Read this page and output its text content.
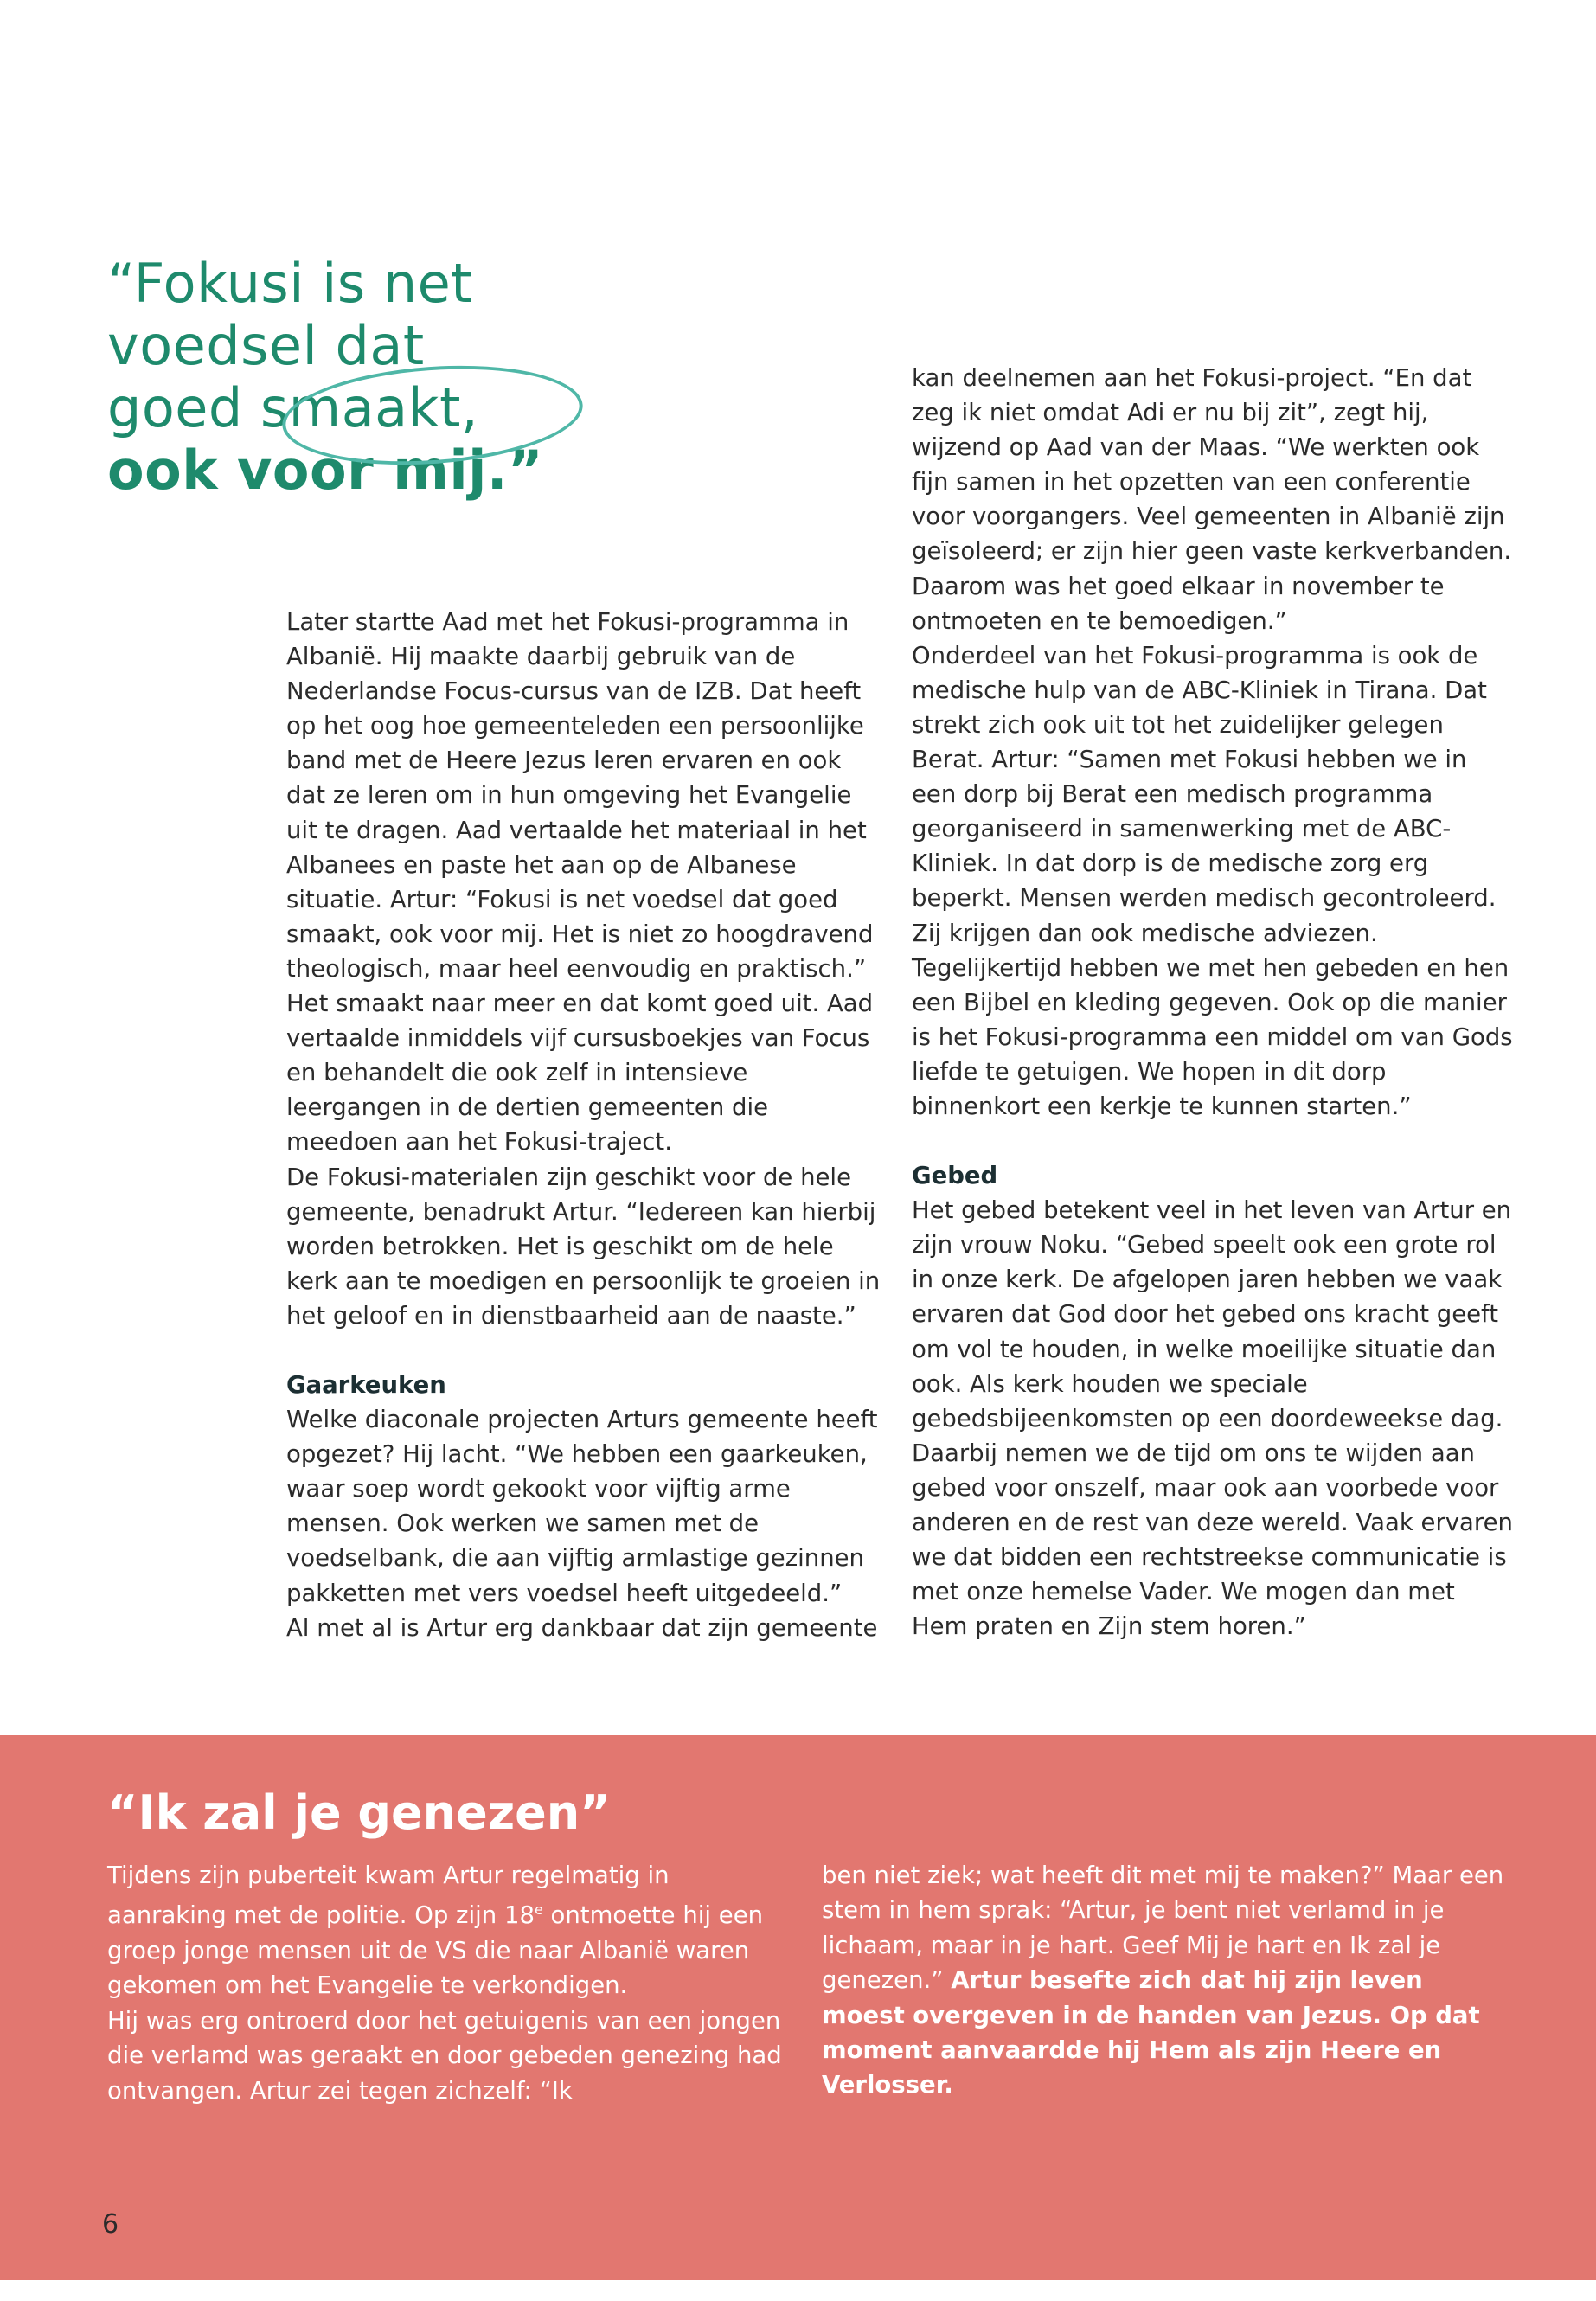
“Fokusi is net
voedsel dat
goed smaakt,
ook voor mij.”

Later startte Aad met het Fokusi-programma in Albanië. Hij maakte daarbij gebruik van de Nederlandse Focus-cursus van de IZB. Dat heeft op het oog hoe gemeenteleden een persoonlijke band met de Heere Jezus leren ervaren en ook dat ze leren om in hun omgeving het Evangelie uit te dragen. Aad vertaalde het materiaal in het Albanees en paste het aan op de Albanese situatie. Artur: “Fokusi is net voedsel dat goed smaakt, ook voor mij. Het is niet zo hoogdravend theologisch, maar heel eenvoudig en praktisch.” Het smaakt naar meer en dat komt goed uit. Aad vertaalde inmiddels vijf cursusboekjes van Focus en behandelt die ook zelf in intensieve leergangen in de dertien gemeenten die meedoen aan het Fokusi-traject.

De Fokusi-materialen zijn geschikt voor de hele gemeente, benadrukt Artur. “Iedereen kan hierbij worden betrokken. Het is geschikt om de hele kerk aan te moedigen en persoonlijk te groeien in het geloof en in dienstbaarheid aan de naaste.”

Gaarkeuken

Welke diaconale projecten Arturs gemeente heeft opgezet? Hij lacht. “We hebben een gaarkeuken, waar soep wordt gekookt voor vijftig arme mensen. Ook werken we samen met de voedselbank, die aan vijftig armlastige gezinnen pakketten met vers voedsel heeft uitgedeeld.”

Al met al is Artur erg dankbaar dat zijn gemeente

kan deelnemen aan het Fokusi-project. “En dat zeg ik niet omdat Adi er nu bij zit”, zegt hij, wijzend op Aad van der Maas. “We werkten ook fijn samen in het opzetten van een conferentie voor voorgangers. Veel gemeenten in Albanië zijn geïsoleerd; er zijn hier geen vaste kerkverbanden. Daarom was het goed elkaar in november te ontmoeten en te bemoedigen.”

Onderdeel van het Fokusi-programma is ook de medische hulp van de ABC-Kliniek in Tirana. Dat strekt zich ook uit tot het zuidelijker gelegen Berat. Artur: “Samen met Fokusi hebben we in een dorp bij Berat een medisch programma georganiseerd in samenwerking met de ABC-Kliniek. In dat dorp is de medische zorg erg beperkt. Mensen werden medisch gecontroleerd. Zij krijgen dan ook medische adviezen. Tegelijkertijd hebben we met hen gebeden en hen een Bijbel en kleding gegeven. Ook op die manier is het Fokusi-programma een middel om van Gods liefde te getuigen. We hopen in dit dorp binnenkort een kerkje te kunnen starten.”

Gebed

Het gebed betekent veel in het leven van Artur en zijn vrouw Noku. “Gebed speelt ook een grote rol in onze kerk. De afgelopen jaren hebben we vaak ervaren dat God door het gebed ons kracht geeft om vol te houden, in welke moeilijke situatie dan ook. Als kerk houden we speciale gebedsbijeenkomsten op een doordeweekse dag. Daarbij nemen we de tijd om ons te wijden aan gebed voor onszelf, maar ook aan voorbede voor anderen en de rest van deze wereld. Vaak ervaren we dat bidden een rechtstreekse communicatie is met onze hemelse Vader. We mogen dan met Hem praten en Zijn stem horen.”

“Ik zal je genezen”

Tijdens zijn puberteit kwam Artur regelmatig in aanraking met de politie. Op zijn 18e ontmoette hij een groep jonge mensen uit de VS die naar Albanië waren gekomen om het Evangelie te verkondigen.

Hij was erg ontroerd door het getuigenis van een jongen die verlamd was geraakt en door gebeden genezing had ontvangen. Artur zei tegen zichzelf: “Ik

ben niet ziek; wat heeft dit met mij te maken?” Maar een stem in hem sprak: “Artur, je bent niet verlamd in je lichaam, maar in je hart. Geef Mij je hart en Ik zal je genezen.” Artur besefte zich dat hij zijn leven moest overgeven in de handen van Jezus. Op dat moment aanvaardde hij Hem als zijn Heere en Verlosser.

6
